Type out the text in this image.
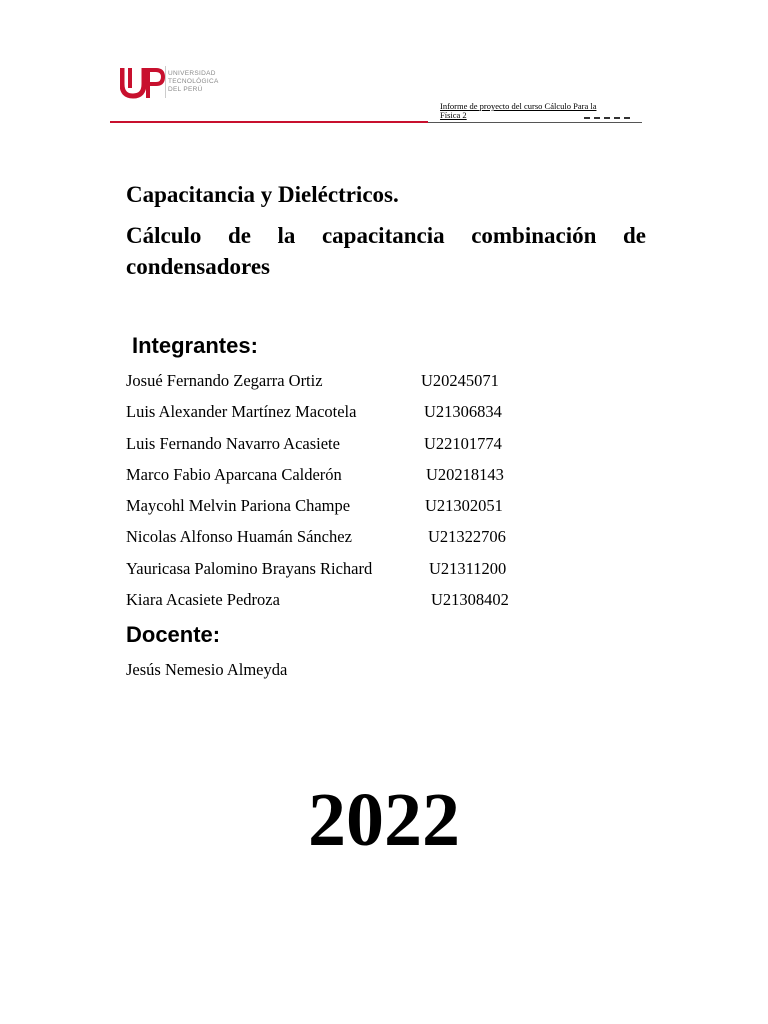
UNIVERSIDAD
TECNOLÓGICA
DEL PERÚ
Informe de proyecto del curso Cálculo Para la
Física 2
Capacitancia y Dieléctricos.
Cálculo de la capacitancia combinación de condensadores
Integrantes:
Josué Fernando Zegarra Ortiz	U20245071
Luis Alexander Martínez Macotela	U21306834
Luis Fernando Navarro Acasiete	U22101774
Marco Fabio Aparcana Calderón	U20218143
Maycohl Melvin Pariona Champe	U21302051
Nicolas Alfonso Huamán Sánchez	U21322706
Yauricasa Palomino Brayans Richard	U21311200
Kiara Acasiete Pedroza	U21308402
Docente:
Jesús Nemesio Almeyda
2022
